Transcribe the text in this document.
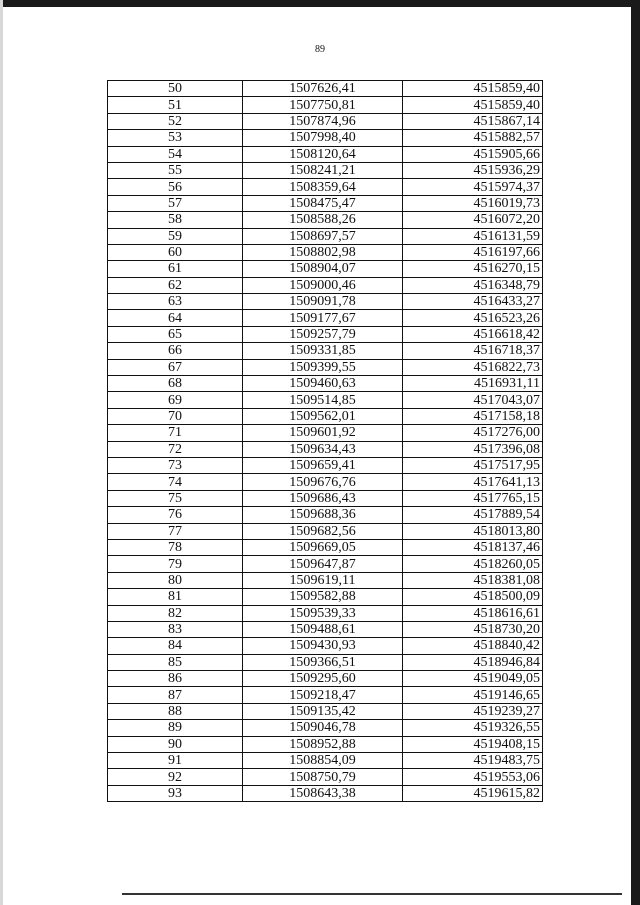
89
50	1507626,41	4515859,40
51	1507750,81	4515859,40
52	1507874,96	4515867,14
53	1507998,40	4515882,57
54	1508120,64	4515905,66
55	1508241,21	4515936,29
56	1508359,64	4515974,37
57	1508475,47	4516019,73
58	1508588,26	4516072,20
59	1508697,57	4516131,59
60	1508802,98	4516197,66
61	1508904,07	4516270,15
62	1509000,46	4516348,79
63	1509091,78	4516433,27
64	1509177,67	4516523,26
65	1509257,79	4516618,42
66	1509331,85	4516718,37
67	1509399,55	4516822,73
68	1509460,63	4516931,11
69	1509514,85	4517043,07
70	1509562,01	4517158,18
71	1509601,92	4517276,00
72	1509634,43	4517396,08
73	1509659,41	4517517,95
74	1509676,76	4517641,13
75	1509686,43	4517765,15
76	1509688,36	4517889,54
77	1509682,56	4518013,80
78	1509669,05	4518137,46
79	1509647,87	4518260,05
80	1509619,11	4518381,08
81	1509582,88	4518500,09
82	1509539,33	4518616,61
83	1509488,61	4518730,20
84	1509430,93	4518840,42
85	1509366,51	4518946,84
86	1509295,60	4519049,05
87	1509218,47	4519146,65
88	1509135,42	4519239,27
89	1509046,78	4519326,55
90	1508952,88	4519408,15
91	1508854,09	4519483,75
92	1508750,79	4519553,06
93	1508643,38	4519615,82
